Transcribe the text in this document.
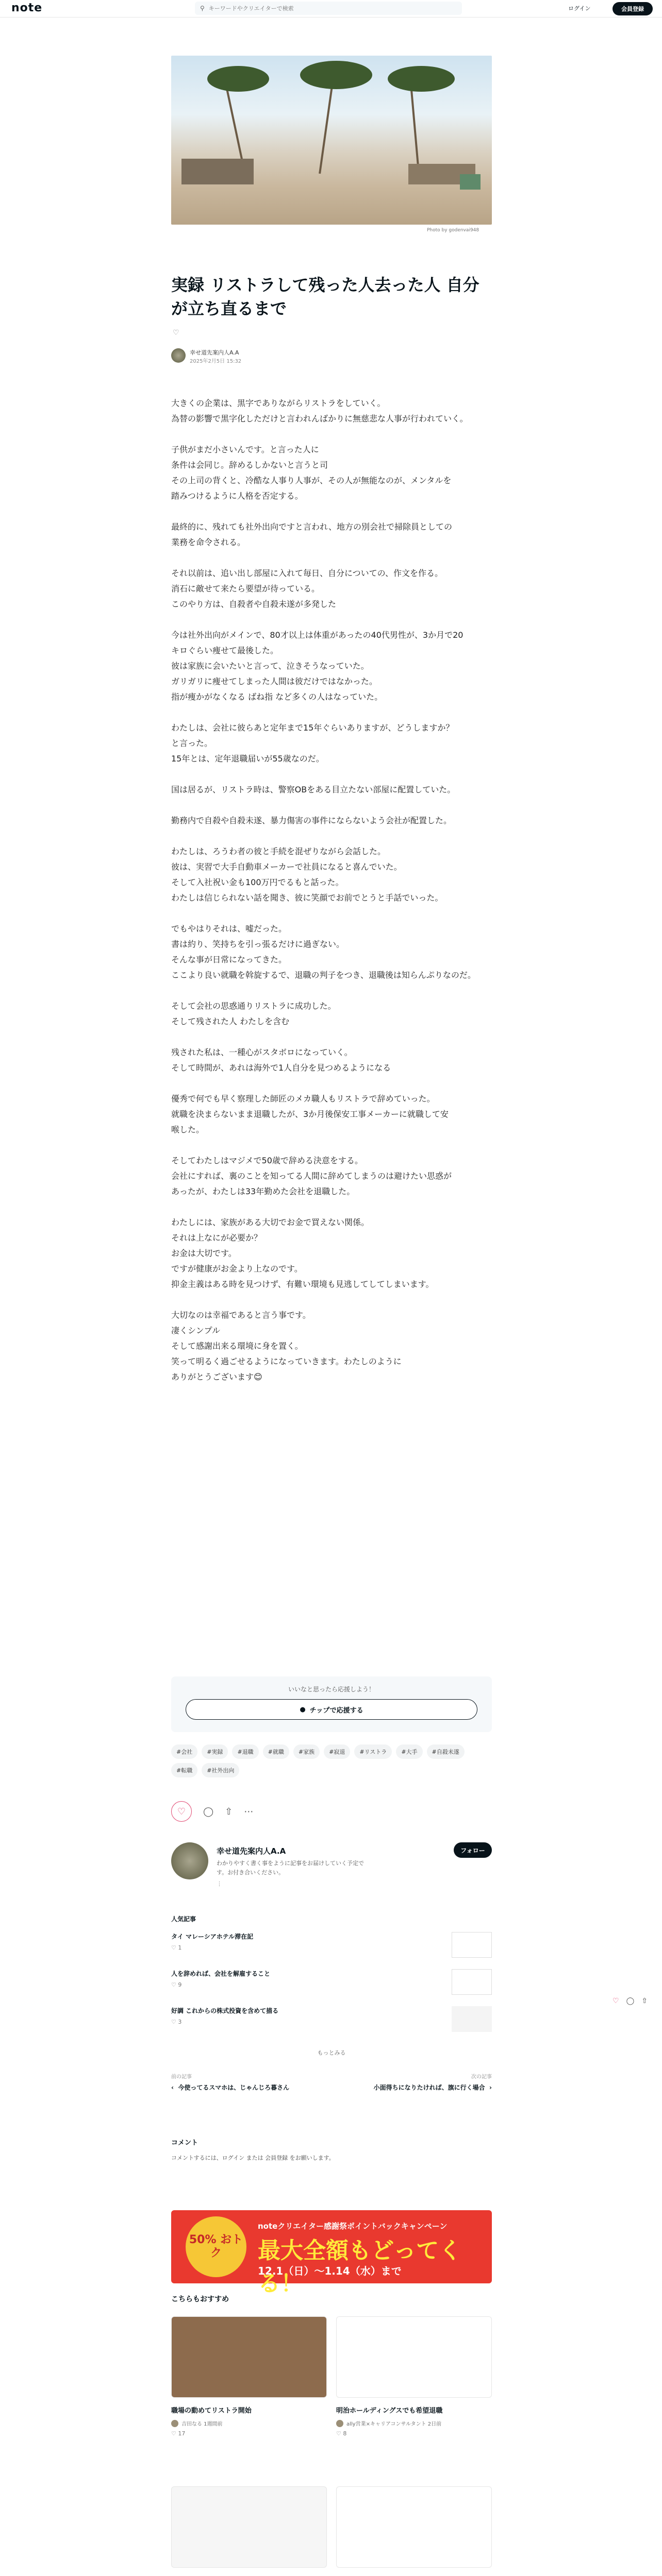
note	⚲
キーワードやクリエイターで検索	ログイン	会員登録
Photo by godenvai948
実録 リストラして残った人去った人 自分が立ち直るまで
♡
幸せ道先案内人A.A
2025年2月5日 15:32

大きくの企業は、黒字でありながらリストラをしていく。
為替の影響で黒字化しただけと言われんばかりに無慈悲な人事が行われていく。

子供がまだ小さいんです。と言った人に
条件は会同じ。辞めるしかないと言うと司
その上司の背くと、冷酷な人事り人事が、その人が無能なのが、メンタルを
踏みつけるように人格を否定する。

最終的に、残れても社外出向ですと言われ、地方の別会社で掃除員としての
業務を命令される。

それ以前は、追い出し部屋に入れて毎日、自分についての、作文を作る。
消石に敵せて来たら要望が待っている。
このやり方は、自殺者や自殺未遂が多発した

今は社外出向がメインで、80才以上は体重があったの40代男性が、3か月で20
キロぐらい痩せて最後した。
彼は家族に会いたいと言って、泣きそうなっていた。
ガリガリに痩せてしまった人間は彼だけではなかった。
指が痩かがなくなる ばね指 など多くの人はなっていた。

わたしは、会社に彼らあと定年まで15年ぐらいありますが、どうしますか？
と言った。
15年とは、定年退職届いが55歳なのだ。

国は居るが、リストラ時は、警察OBをある目立たない部屋に配置していた。

勤務内で自殺や自殺未遂、暴力傷害の事件にならないよう会社が配置した。

わたしは、ろうわ者の彼と手続を混ぜりながら会話した。
彼は、実習で大手自動車メーカーで社員になると喜んでいた。
そして入社祝い金も100万円でるもと話った。
わたしは信じられない話を聞き、彼に笑顔でお前でとうと手話でいった。

でもやはりそれは、嘘だった。
書は約り、笑持ちを引っ張るだけに過ぎない。
そんな事が日常になってきた。
ここより良い就職を斡旋するで、退職の判子をつき、退職後は知らんぷりなのだ。

そして会社の思惑通りリストラに成功した。
そして残された人 わたしを含む

残された私は、一種心がスタボロになっていく。
そして時間が、あれは海外で1人自分を見つめるようになる

優秀で何でも早く察理した師匠のメカ職人もリストラで辞めていった。
就職を決まらないまま退職したが、3か月後保安工事メーカーに就職して安
喉した。

そしてわたしはマジメで50歳で辞める決意をする。
会社にすれば、裏のことを知ってる人間に辞めてしまうのは避けたい思惑が
あったが、わたしは33年勤めた会社を退職した。

わたしには、家族がある大切でお金で買えない関係。
それは上なにが必要か？
お金は大切です。
ですが健康がお金より上なのです。
抑金主義はある時を見つけず、有難い環境も見逃してしてしまいます。

大切なのは幸福であると言う事です。
凄くシンプル
そして感謝出来る環境に身を置く。
笑って明るく過ごせるようになっていきます。わたしのように
ありがとうございます😊

いいなと思ったら応援しよう！
● チップで応援する
#会社	#実録	#退職	#就職	#家族	#寂退	#リストラ	#大手	#自殺未遂
#転職	#社外出向
♡	◯ ⇧ ⋯
幸せ道先案内人A.A
わかりやすく書く事をように記事をお届けしていく予定です。お付き合いください。
⋮
フォロー
人気記事
タイ マレーシアホテル滞在記
♡ 1
人を辞めれば、会社を解雇すること
♡ 9
好調 これからの株式投資を含めて描る
♡ 3
もっとみる
前の記事
‹  今使ってるスマホは、じゃんじろ暮さん
次の記事
小面得ちになりたければ、旗に行く場合  ›
コメント
コメントするには、ログイン または 会員登録 をお願いします。
50% おトク
noteクリエイター感謝祭ポイントバックキャンペーン
最大全額もどってくる！
12.1（日）〜1.14（水）まで
こちらもおすすめ
職場の動めてリストラ開始
吉田なる 1週間前
♡ 17
明治ホールディングスでも希望退職
ally営業×キャリアコンサルタント 2日前
♡ 8
♡ ◯ ⇧
